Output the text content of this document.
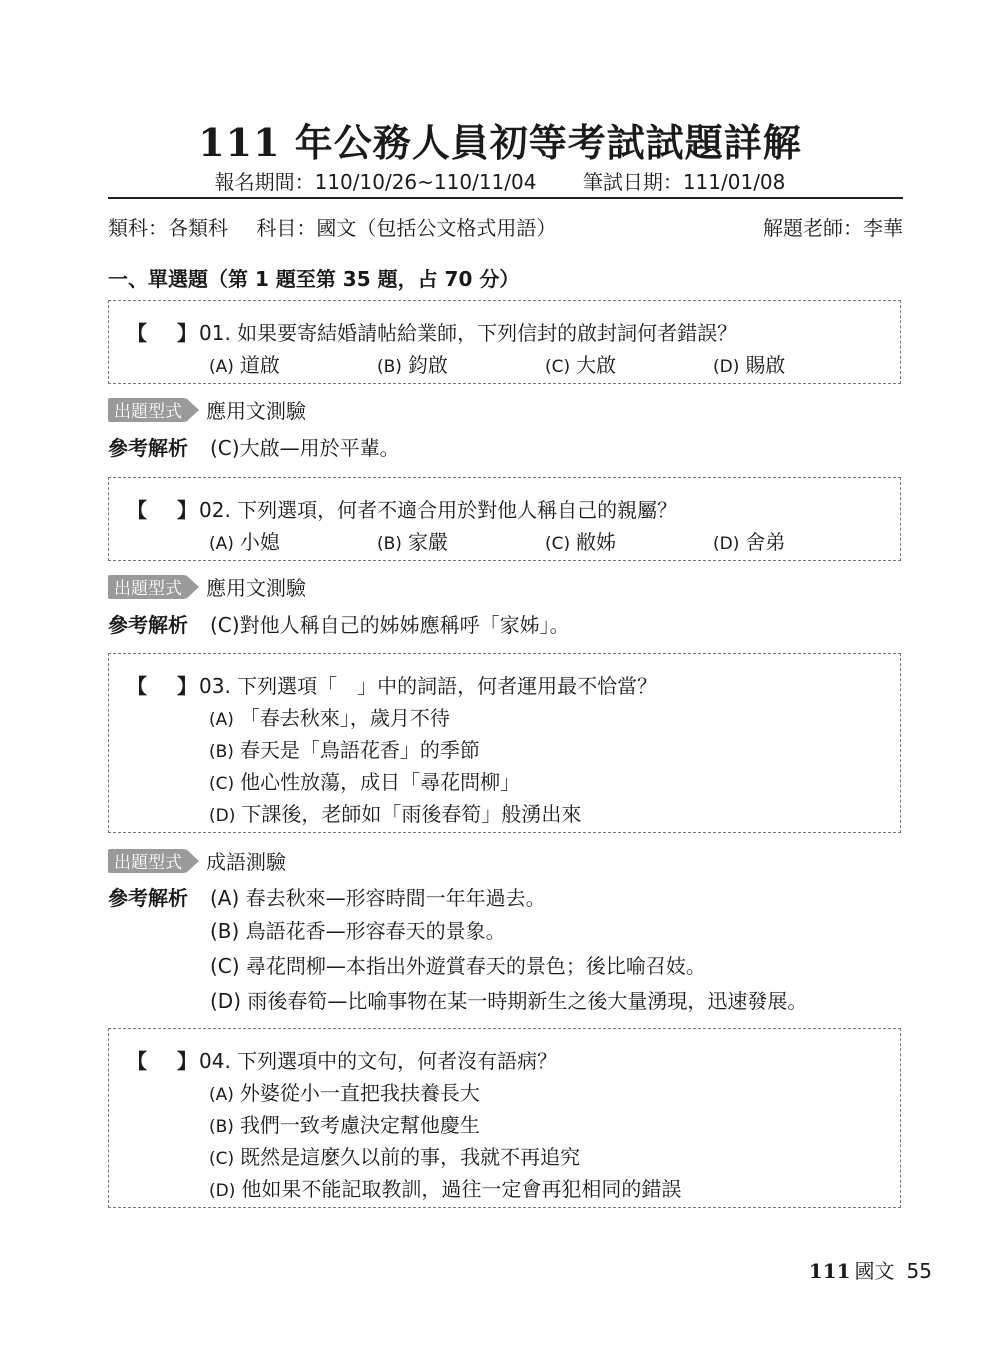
111 年公務人員初等考試試題詳解
報名期間：110/10/26~110/11/04 筆試日期：111/01/08
類科：各類科 科目：國文（包括公文格式用語）	解題老師：李華
一、單選題（第 1 題至第 35 題，占 70 分）
【 】 01. 如果要寄結婚請帖給業師，下列信封的啟封詞何者錯誤？
(A) 道啟	(B) 鈞啟	(C) 大啟	(D) 賜啟
出題型式 應用文測驗
參考解析 (C)大啟—用於平輩。
【 】 02. 下列選項，何者不適合用於對他人稱自己的親屬？
(A) 小媳	(B) 家嚴	(C) 敝姊	(D) 舍弟
出題型式 應用文測驗
參考解析 (C)對他人稱自己的姊姊應稱呼「家姊」。
【 】 03. 下列選項「　」中的詞語，何者運用最不恰當？
(A) 「春去秋來」，歲月不待
(B) 春天是「鳥語花香」的季節
(C) 他心性放蕩，成日「尋花問柳」
(D) 下課後，老師如「雨後春筍」般湧出來
出題型式 成語測驗
參考解析 (A) 春去秋來—形容時間一年年過去。
(B) 鳥語花香—形容春天的景象。
(C) 尋花問柳—本指出外遊賞春天的景色；後比喻召妓。
(D) 雨後春筍—比喻事物在某一時期新生之後大量湧現，迅速發展。
【 】 04. 下列選項中的文句，何者沒有語病？
(A) 外婆從小一直把我扶養長大
(B) 我們一致考慮決定幫他慶生
(C) 既然是這麼久以前的事，我就不再追究
(D) 他如果不能記取教訓，過往一定會再犯相同的錯誤
111 國文 55
